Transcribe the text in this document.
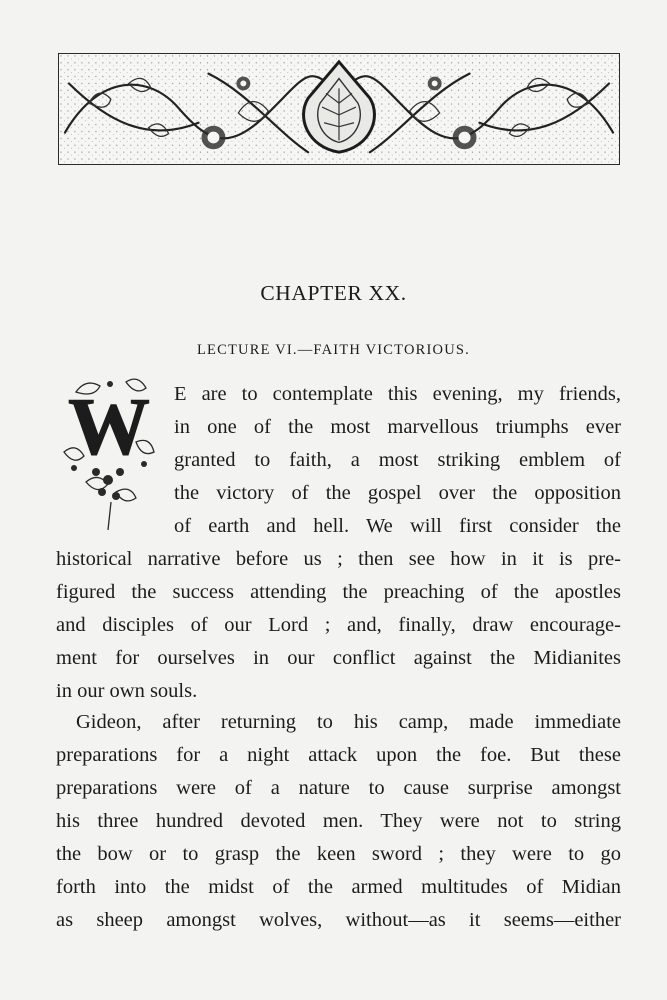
CHAPTER XX.
LECTURE VI.—FAITH VICTORIOUS.
W E are to contemplate this evening, my friends,

in one of the most marvellous triumphs ever

granted to faith, a most striking emblem of

the victory of the gospel over the opposition

of earth and hell. We will first consider the

historical narrative before us ; then see how in it is pre-

figured the success attending the preaching of the apostles

and disciples of our Lord ; and, finally, draw encourage-

ment for ourselves in our conflict against the Midianites

in our own souls.

Gideon, after returning to his camp, made immediate

preparations for a night attack upon the foe. But these

preparations were of a nature to cause surprise amongst

his three hundred devoted men. They were not to string

the bow or to grasp the keen sword ; they were to go

forth into the midst of the armed multitudes of Midian

as sheep amongst wolves, without—as it seems—either
